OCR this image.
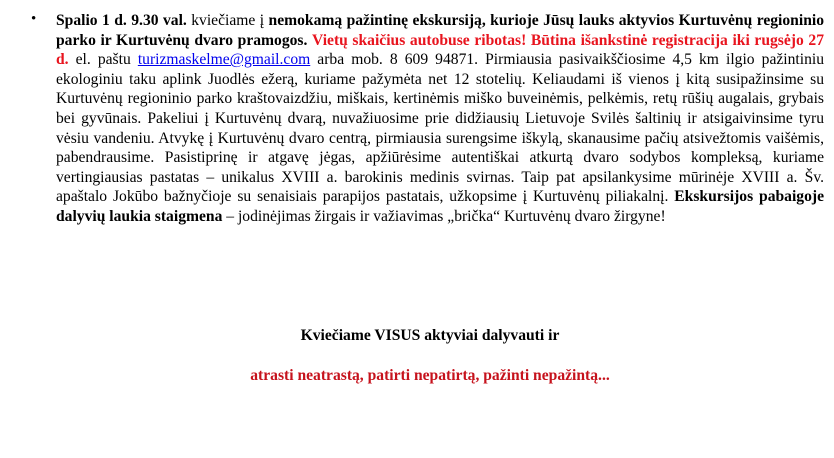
• Spalio 1 d. 9.30 val. kviečiame į nemokamą pažintinę ekskursiją, kurioje Jūsų lauks aktyvios Kurtuvėnų regioninio parko ir Kurtuvėnų dvaro pramogos. Vietų skaičius autobuse ribotas! Būtina išankstinė registracija iki rugsėjo 27 d. el. paštu turizmaskelme@gmail.com arba mob. 8 609 94871. Pirmiausia pasivaikščiosime 4,5 km ilgio pažintiniu ekologiniu taku aplink Juodlės ežerą, kuriame pažymėta net 12 stotelių. Keliaudami iš vienos į kitą susipažinsime su Kurtuvėnų regioninio parko kraštovaizdžiu, miškais, kertinėmis miško buveinėmis, pelkėmis, retų rūšių augalais, grybais bei gyvūnais. Pakeliui į Kurtuvėnų dvarą, nuvažiuosime prie didžiausių Lietuvoje Svilės šaltinių ir atsigaivinsime tyru vėsiu vandeniu. Atvykę į Kurtuvėnų dvaro centrą, pirmiausia surengsime iškylą, skanausime pačių atsivežtomis vaišėmis, pabendrausime. Pasistiprinę ir atgavę jėgas, apžiūrėsime autentiškai atkurtą dvaro sodybos kompleksą, kuriame vertingiausias pastatas – unikalus XVIII a. barokinis medinis svirnas. Taip pat apsilankysime mūrinėje XVIII a. Šv. apaštalo Jokūbo bažnyčioje su senaisiais parapijos pastatais, užkopsime į Kurtuvėnų piliakalnį. Ekskursijos pabaigoje dalyvių laukia staigmena – jodinėjimas žirgais ir važiavimas „brička“ Kurtuvėnų dvaro žirgyne!

Kviečiame VISUS aktyviai dalyvauti ir
atrasti neatrastą, patirti nepatirtą, pažinti nepažintą...
